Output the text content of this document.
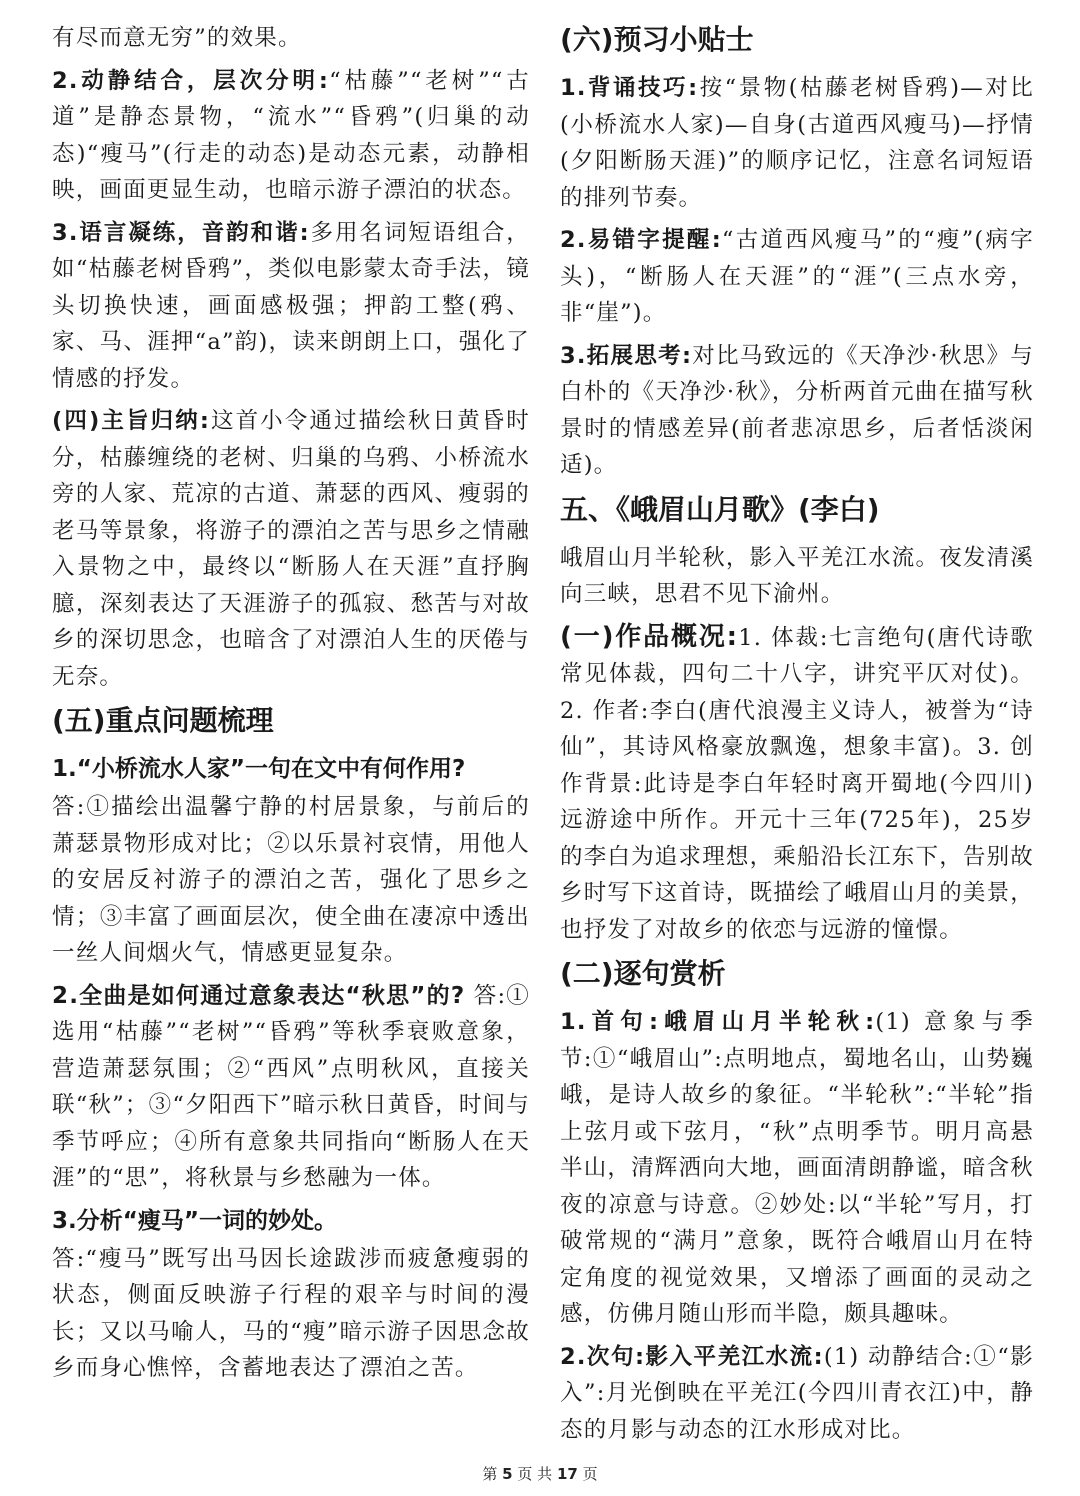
有尽而意无穷”的效果。

2.动静结合，层次分明:“枯藤”“老树”“古道”是静态景物，“流水”“昏鸦”(归巢的动态)“瘦马”(行走的动态)是动态元素，动静相映，画面更显生动，也暗示游子漂泊的状态。

3.语言凝练，音韵和谐:多用名词短语组合，如“枯藤老树昏鸦”，类似电影蒙太奇手法，镜头切换快速，画面感极强；押韵工整(鸦、家、马、涯押“a”韵)，读来朗朗上口，强化了情感的抒发。

(四)主旨归纳:这首小令通过描绘秋日黄昏时分，枯藤缠绕的老树、归巢的乌鸦、小桥流水旁的人家、荒凉的古道、萧瑟的西风、瘦弱的老马等景象，将游子的漂泊之苦与思乡之情融入景物之中，最终以“断肠人在天涯”直抒胸臆，深刻表达了天涯游子的孤寂、愁苦与对故乡的深切思念，也暗含了对漂泊人生的厌倦与无奈。

(五)重点问题梳理
1.“小桥流水人家”一句在文中有何作用?

答:①描绘出温馨宁静的村居景象，与前后的萧瑟景物形成对比；②以乐景衬哀情，用他人的安居反衬游子的漂泊之苦，强化了思乡之情；③丰富了画面层次，使全曲在凄凉中透出一丝人间烟火气，情感更显复杂。

2.全曲是如何通过意象表达“秋思”的? 答:①选用“枯藤”“老树”“昏鸦”等秋季衰败意象，营造萧瑟氛围；②“西风”点明秋风，直接关联“秋”；③“夕阳西下”暗示秋日黄昏，时间与季节呼应；④所有意象共同指向“断肠人在天涯”的“思”，将秋景与乡愁融为一体。

3.分析“瘦马”一词的妙处。

答:“瘦马”既写出马因长途跋涉而疲惫瘦弱的状态，侧面反映游子行程的艰辛与时间的漫长；又以马喻人，马的“瘦”暗示游子因思念故乡而身心憔悴，含蓄地表达了漂泊之苦。

(六)预习小贴士

1.背诵技巧:按“景物(枯藤老树昏鸦)—对比(小桥流水人家)—自身(古道西风瘦马)—抒情(夕阳断肠天涯)”的顺序记忆，注意名词短语的排列节奏。

2.易错字提醒:“古道西风瘦马”的“瘦”(病字头)，“断肠人在天涯”的“涯”(三点水旁，非“崖”)。

3.拓展思考:对比马致远的《天净沙·秋思》与白朴的《天净沙·秋》，分析两首元曲在描写秋景时的情感差异(前者悲凉思乡，后者恬淡闲适)。

五、《峨眉山月歌》(李白)

峨眉山月半轮秋，影入平羌江水流。夜发清溪向三峡，思君不见下渝州。

(一)作品概况:1. 体裁:七言绝句(唐代诗歌常见体裁，四句二十八字，讲究平仄对仗)。2. 作者:李白(唐代浪漫主义诗人，被誉为“诗仙”，其诗风格豪放飘逸，想象丰富)。3. 创作背景:此诗是李白年轻时离开蜀地(今四川)远游途中所作。开元十三年(725年)，25岁的李白为追求理想，乘船沿长江东下，告别故乡时写下这首诗，既描绘了峨眉山月的美景，也抒发了对故乡的依恋与远游的憧憬。

(二)逐句赏析

1.首句:峨眉山月半轮秋:(1) 意象与季节:①“峨眉山”:点明地点，蜀地名山，山势巍峨，是诗人故乡的象征。“半轮秋”:“半轮”指上弦月或下弦月，“秋”点明季节。明月高悬半山，清辉洒向大地，画面清朗静谧，暗含秋夜的凉意与诗意。②妙处:以“半轮”写月，打破常规的“满月”意象，既符合峨眉山月在特定角度的视觉效果，又增添了画面的灵动之感，仿佛月随山形而半隐，颇具趣味。

2.次句:影入平羌江水流:(1) 动静结合:①“影入”:月光倒映在平羌江(今四川青衣江)中，静态的月影与动态的江水形成对比。

第 5 页 共 17 页
